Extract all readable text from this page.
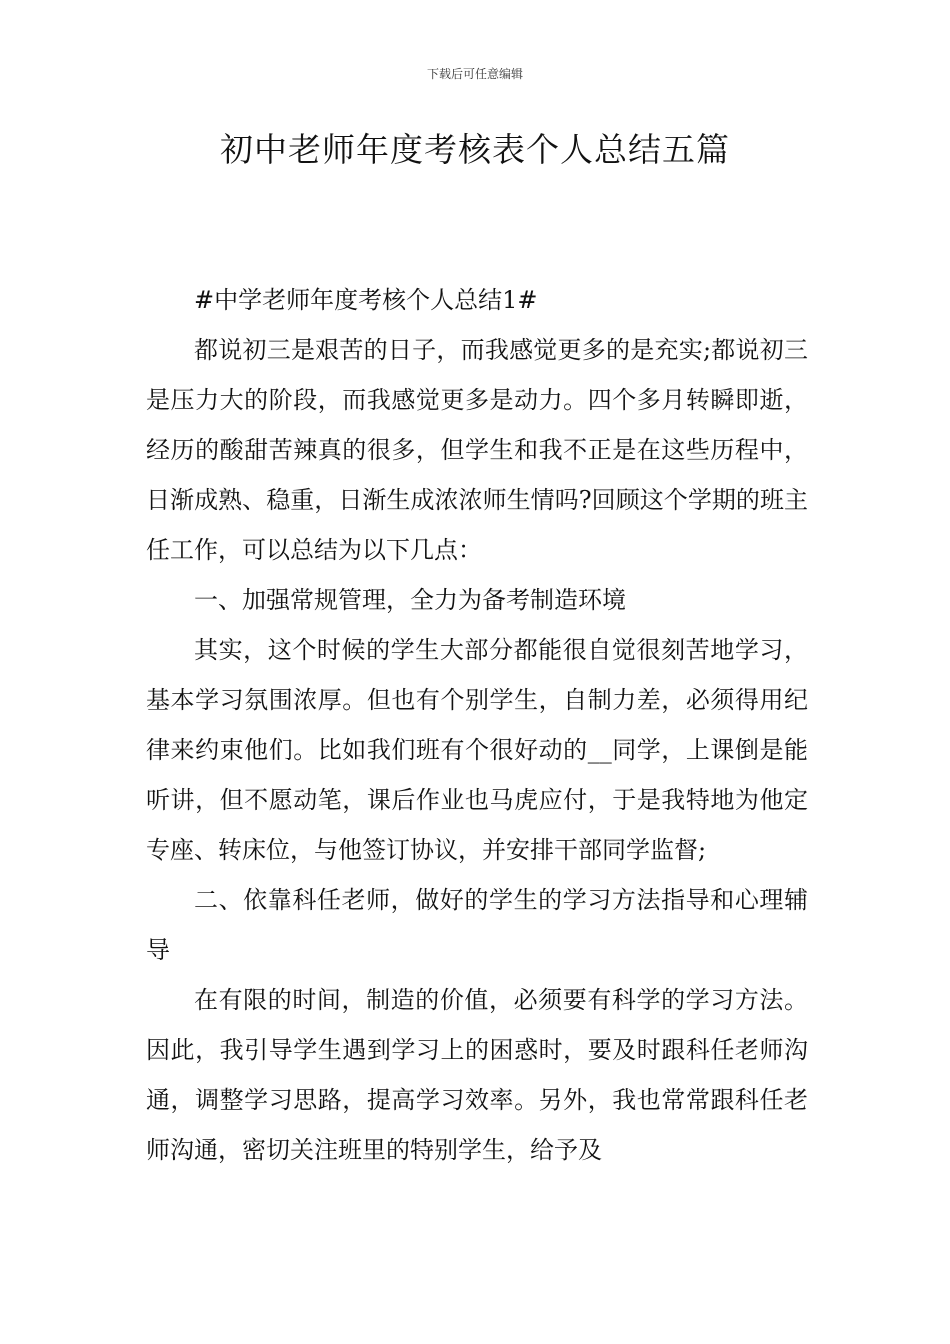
下载后可任意编辑
初中老师年度考核表个人总结五篇

#中学老师年度考核个人总结1#

都说初三是艰苦的日子，而我感觉更多的是充实;都说初三是压力大的阶段，而我感觉更多是动力。四个多月转瞬即逝，经历的酸甜苦辣真的很多，但学生和我不正是在这些历程中，日渐成熟、稳重，日渐生成浓浓师生情吗?回顾这个学期的班主任工作，可以总结为以下几点：

一、加强常规管理，全力为备考制造环境

其实，这个时候的学生大部分都能很自觉很刻苦地学习，基本学习氛围浓厚。但也有个别学生，自制力差，必须得用纪律来约束他们。比如我们班有个很好动的__同学，上课倒是能听讲，但不愿动笔，课后作业也马虎应付，于是我特地为他定专座、转床位，与他签订协议，并安排干部同学监督;

二、依靠科任老师，做好的学生的学习方法指导和心理辅导

在有限的时间，制造的价值，必须要有科学的学习方法。因此，我引导学生遇到学习上的困惑时，要及时跟科任老师沟通，调整学习思路，提高学习效率。另外，我也常常跟科任老师沟通，密切关注班里的特别学生，给予及
